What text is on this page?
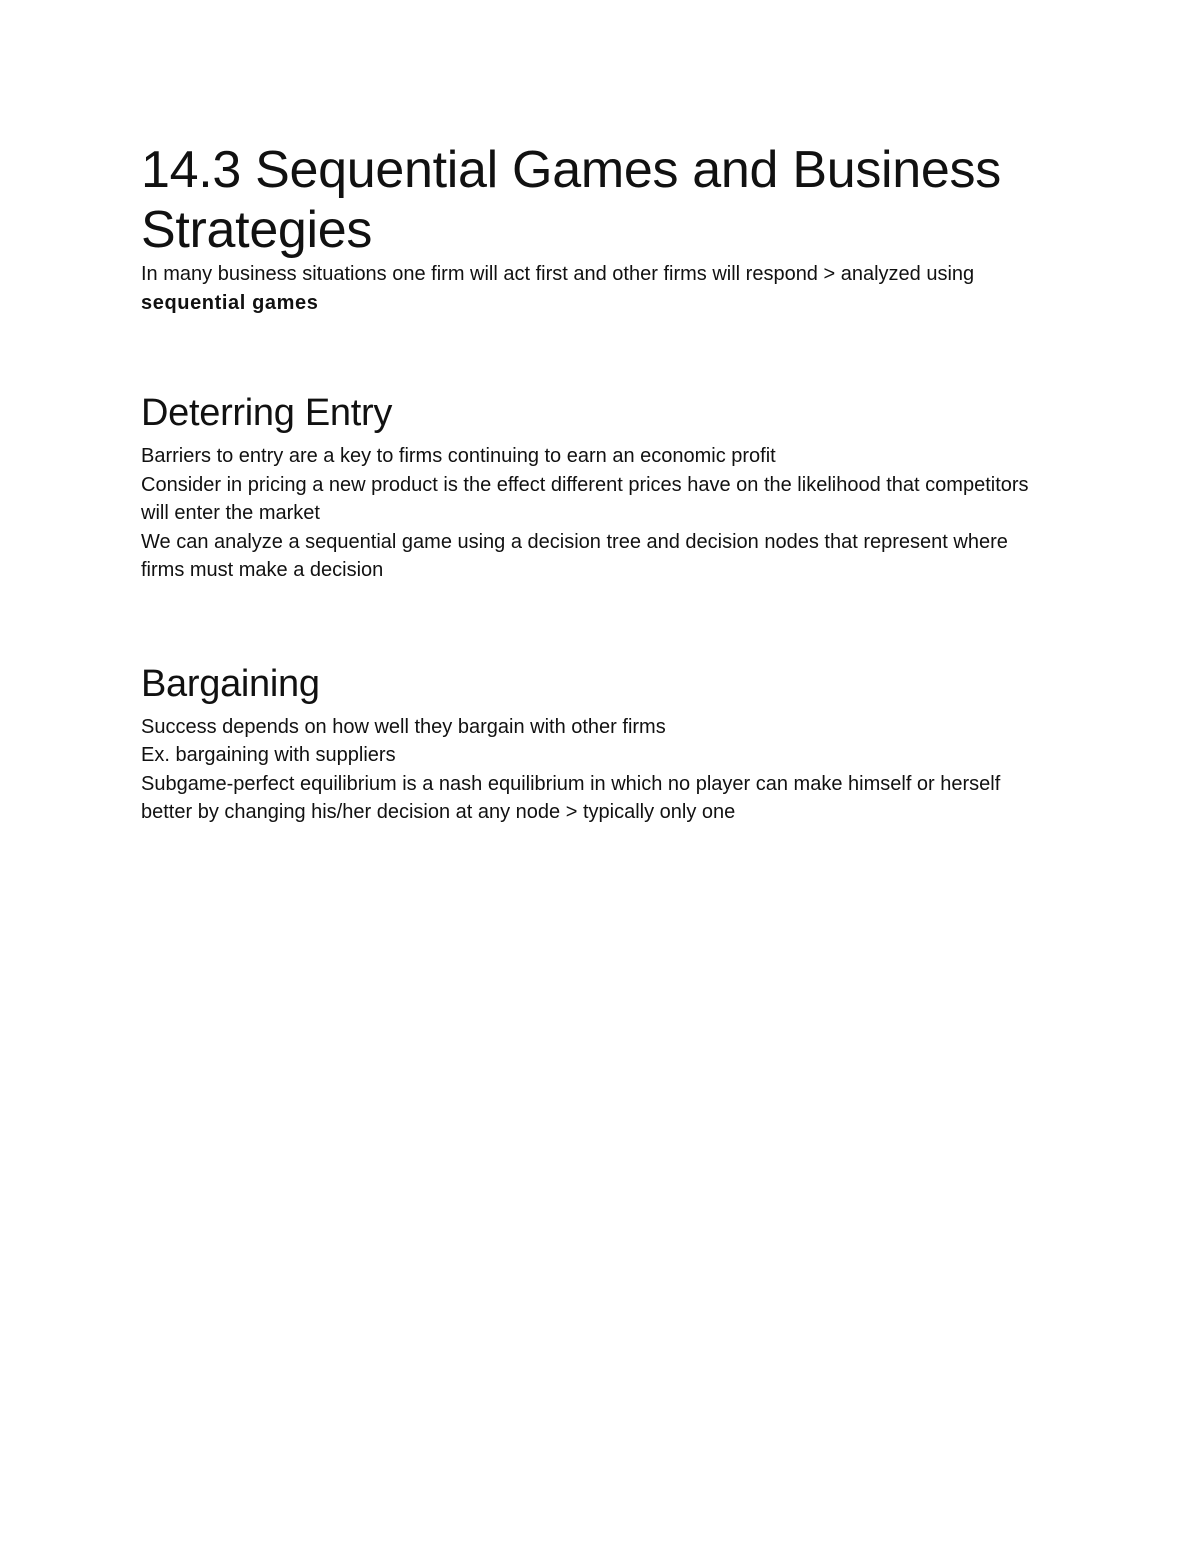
14.3 Sequential Games and Business Strategies

In many business situations one firm will act first and other firms will respond > analyzed using sequential games

Deterring Entry

Barriers to entry are a key to firms continuing to earn an economic profit

Consider in pricing a new product is the effect different prices have on the likelihood that competitors will enter the market

We can analyze a sequential game using a decision tree and decision nodes that represent where firms must make a decision

Bargaining

Success depends on how well they bargain with other firms

Ex. bargaining with suppliers

Subgame-perfect equilibrium is a nash equilibrium in which no player can make himself or herself better by changing his/her decision at any node > typically only one
